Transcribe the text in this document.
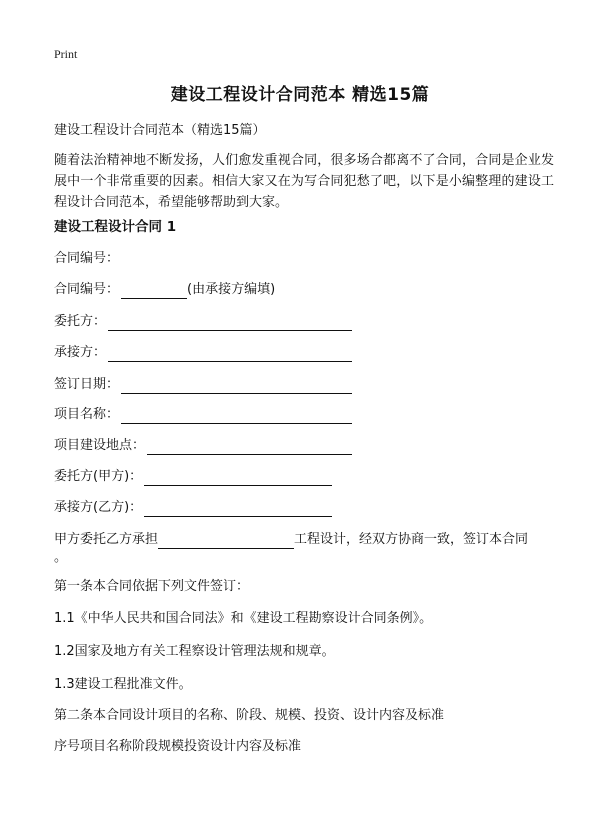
Print
建设工程设计合同范本 精选15篇
建设工程设计合同范本（精选15篇）
随着法治精神地不断发扬，人们愈发重视合同，很多场合都离不了合同，合同是企业发展中一个非常重要的因素。相信大家又在为写合同犯愁了吧，以下是小编整理的建设工程设计合同范本，希望能够帮助到大家。
建设工程设计合同 1
合同编号：
合同编号：	(由承接方编填)
委托方：
承接方：
签订日期：
项目名称：
项目建设地点：
委托方(甲方)：
承接方(乙方)：
甲方委托乙方承担	工程设计，经双方协商一致，签订本合同
。
第一条本合同依据下列文件签订：
1.1《中华人民共和国合同法》和《建设工程勘察设计合同条例》。
1.2国家及地方有关工程察设计管理法规和规章。
1.3建设工程批准文件。
第二条本合同设计项目的名称、阶段、规模、投资、设计内容及标准
序号项目名称阶段规模投资设计内容及标准
